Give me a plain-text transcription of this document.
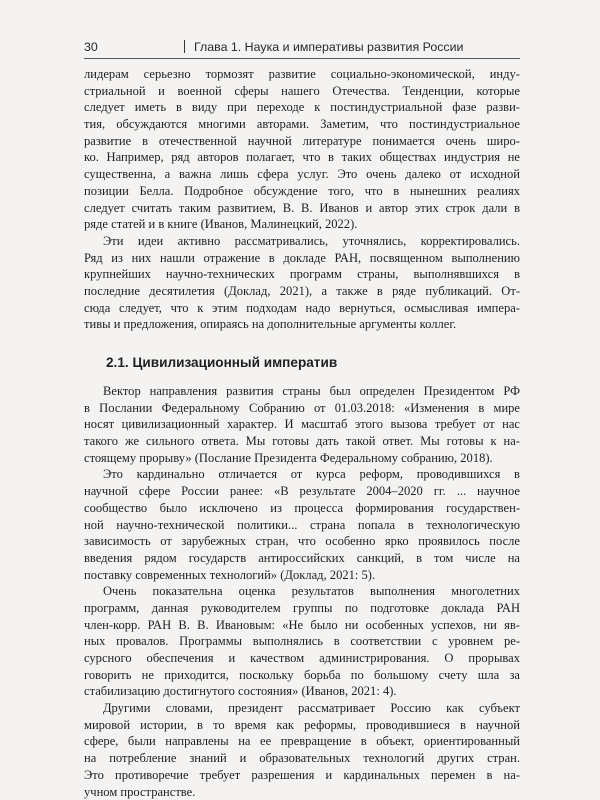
30	Глава 1. Наука и императивы развития России
лидерам серьезно тормозят развитие социально-экономической, инду-
стриальной и военной сферы нашего Отечества. Тенденции, которые
следует иметь в виду при переходе к постиндустриальной фазе разви-
тия, обсуждаются многими авторами. Заметим, что постиндустриальное
развитие в отечественной научной литературе понимается очень широ-
ко. Например, ряд авторов полагает, что в таких обществах индустрия не
существенна, а важна лишь сфера услуг. Это очень далеко от исходной
позиции Белла. Подробное обсуждение того, что в нынешних реалиях
следует считать таким развитием, В. В. Иванов и автор этих строк дали в
ряде статей и в книге (Иванов, Малинецкий, 2022).
Эти идеи активно рассматривались, уточнялись, корректировались.
Ряд из них нашли отражение в докладе РАН, посвященном выполнению
крупнейших научно-технических программ страны, выполнявшихся в
последние десятилетия (Доклад, 2021), а также в ряде публикаций. От-
сюда следует, что к этим подходам надо вернуться, осмысливая импера-
тивы и предложения, опираясь на дополнительные аргументы коллег.
2.1. Цивилизационный императив
Вектор направления развития страны был определен Президентом РФ
в Послании Федеральному Собранию от 01.03.2018: «Изменения в мире
носят цивилизационный характер. И масштаб этого вызова требует от нас
такого же сильного ответа. Мы готовы дать такой ответ. Мы готовы к на-
стоящему прорыву» (Послание Президента Федеральному собранию, 2018).
Это кардинально отличается от курса реформ, проводившихся в
научной сфере России ранее: «В результате 2004–2020 гг. ... научное
сообщество было исключено из процесса формирования государствен-
ной научно-технической политики... страна попала в технологическую
зависимость от зарубежных стран, что особенно ярко проявилось после
введения рядом государств антироссийских санкций, в том числе на
поставку современных технологий» (Доклад, 2021: 5).
Очень показательна оценка результатов выполнения многолетних
программ, данная руководителем группы по подготовке доклада РАН
член-корр. РАН В. В. Ивановым: «Не было ни особенных успехов, ни яв-
ных провалов. Программы выполнялись в соответствии с уровнем ре-
сурсного обеспечения и качеством администрирования. О прорывах
говорить не приходится, поскольку борьба по большому счету шла за
стабилизацию достигнутого состояния» (Иванов, 2021: 4).
Другими словами, президент рассматривает Россию как субъект
мировой истории, в то время как реформы, проводившиеся в научной
сфере, были направлены на ее превращение в объект, ориентированный
на потребление знаний и образовательных технологий других стран.
Это противоречие требует разрешения и кардинальных перемен в на-
учном пространстве.
